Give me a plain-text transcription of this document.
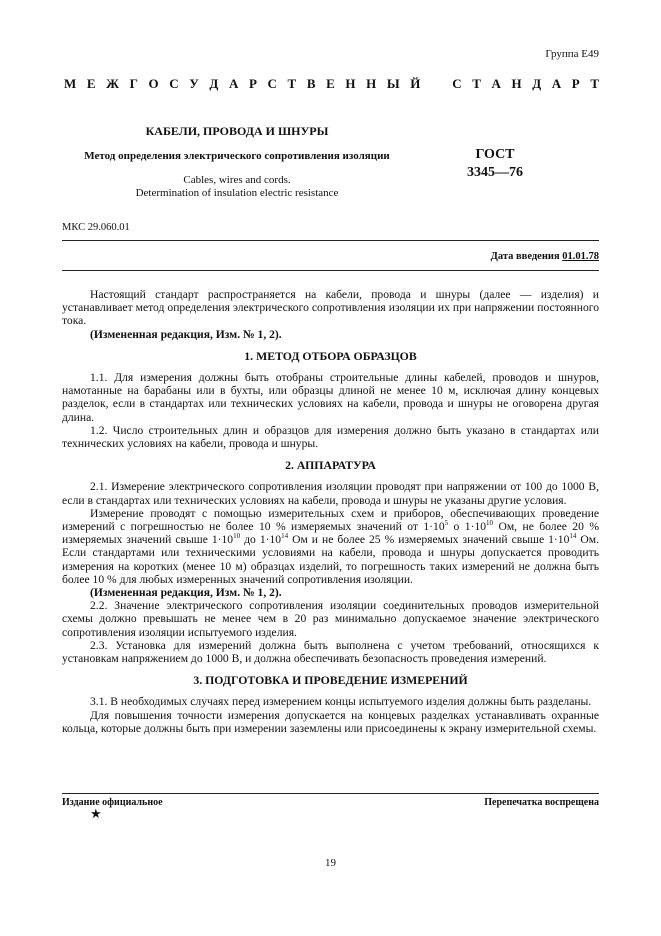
Группа Е49
М Е Ж Г О С У Д А Р С Т В Е Н Н Ы Й С Т А Н Д А Р Т
КАБЕЛИ, ПРОВОДА И ШНУРЫ
Метод определения электрического сопротивления изоляции
Cables, wires and cords.
Determination of insulation electric resistance
ГОСТ
3345—76
МКС 29.060.01
Дата введения 01.01.78

Настоящий стандарт распространяется на кабели, провода и шнуры (далее — изделия) и устанавливает метод определения электрического сопротивления изоляции их при напряжении постоянного тока.

(Измененная редакция, Изм. № 1, 2).

1. МЕТОД ОТБОРА ОБРАЗЦОВ

1.1. Для измерения должны быть отобраны строительные длины кабелей, проводов и шнуров, намотанные на барабаны или в бухты, или образцы длиной не менее 10 м, исключая длину концевых разделок, если в стандартах или технических условиях на кабели, провода и шнуры не оговорена другая длина.

1.2. Число строительных длин и образцов для измерения должно быть указано в стандартах или технических условиях на кабели, провода и шнуры.

2. АППАРАТУРА

2.1. Измерение электрического сопротивления изоляции проводят при напряжении от 100 до 1000 В, если в стандартах или технических условиях на кабели, провода и шнуры не указаны другие условия.

Измерение проводят с помощью измерительных схем и приборов, обеспечивающих проведение измерений с погрешностью не более 10 % измеряемых значений от $1\cdot 10^5$ о $1\cdot 10^{10}$ Ом, не более 20 % измеряемых значений свыше $1\cdot 10^{10}$ до $1\cdot 10^{14}$ Ом и не более 25 % измеряемых значений свыше $1\cdot 10^{14}$ Ом. Если стандартами или техническими условиями на кабели, провода и шнуры допускается проводить измерения на коротких (менее 10 м) образцах изделий, то погрешность таких измерений не должна быть более 10 % для любых измеренных значений сопротивления изоляции.

(Измененная редакция, Изм. № 1, 2).

2.2. Значение электрического сопротивления изоляции соединительных проводов измерительной схемы должно превышать не менее чем в 20 раз минимально допускаемое значение электрического сопротивления изоляции испытуемого изделия.

2.3. Установка для измерений должна быть выполнена с учетом требований, относящихся к установкам напряжением до 1000 В, и должна обеспечивать безопасность проведения измерений.

3. ПОДГОТОВКА И ПРОВЕДЕНИЕ ИЗМЕРЕНИЙ

3.1. В необходимых случаях перед измерением концы испытуемого изделия должны быть разделаны.

Для повышения точности измерения допускается на концевых разделках устанавливать охранные кольца, которые должны быть при измерении заземлены или присоединены к экрану измерительной схемы.

Издание официальное
★
Перепечатка воспрещена
19
